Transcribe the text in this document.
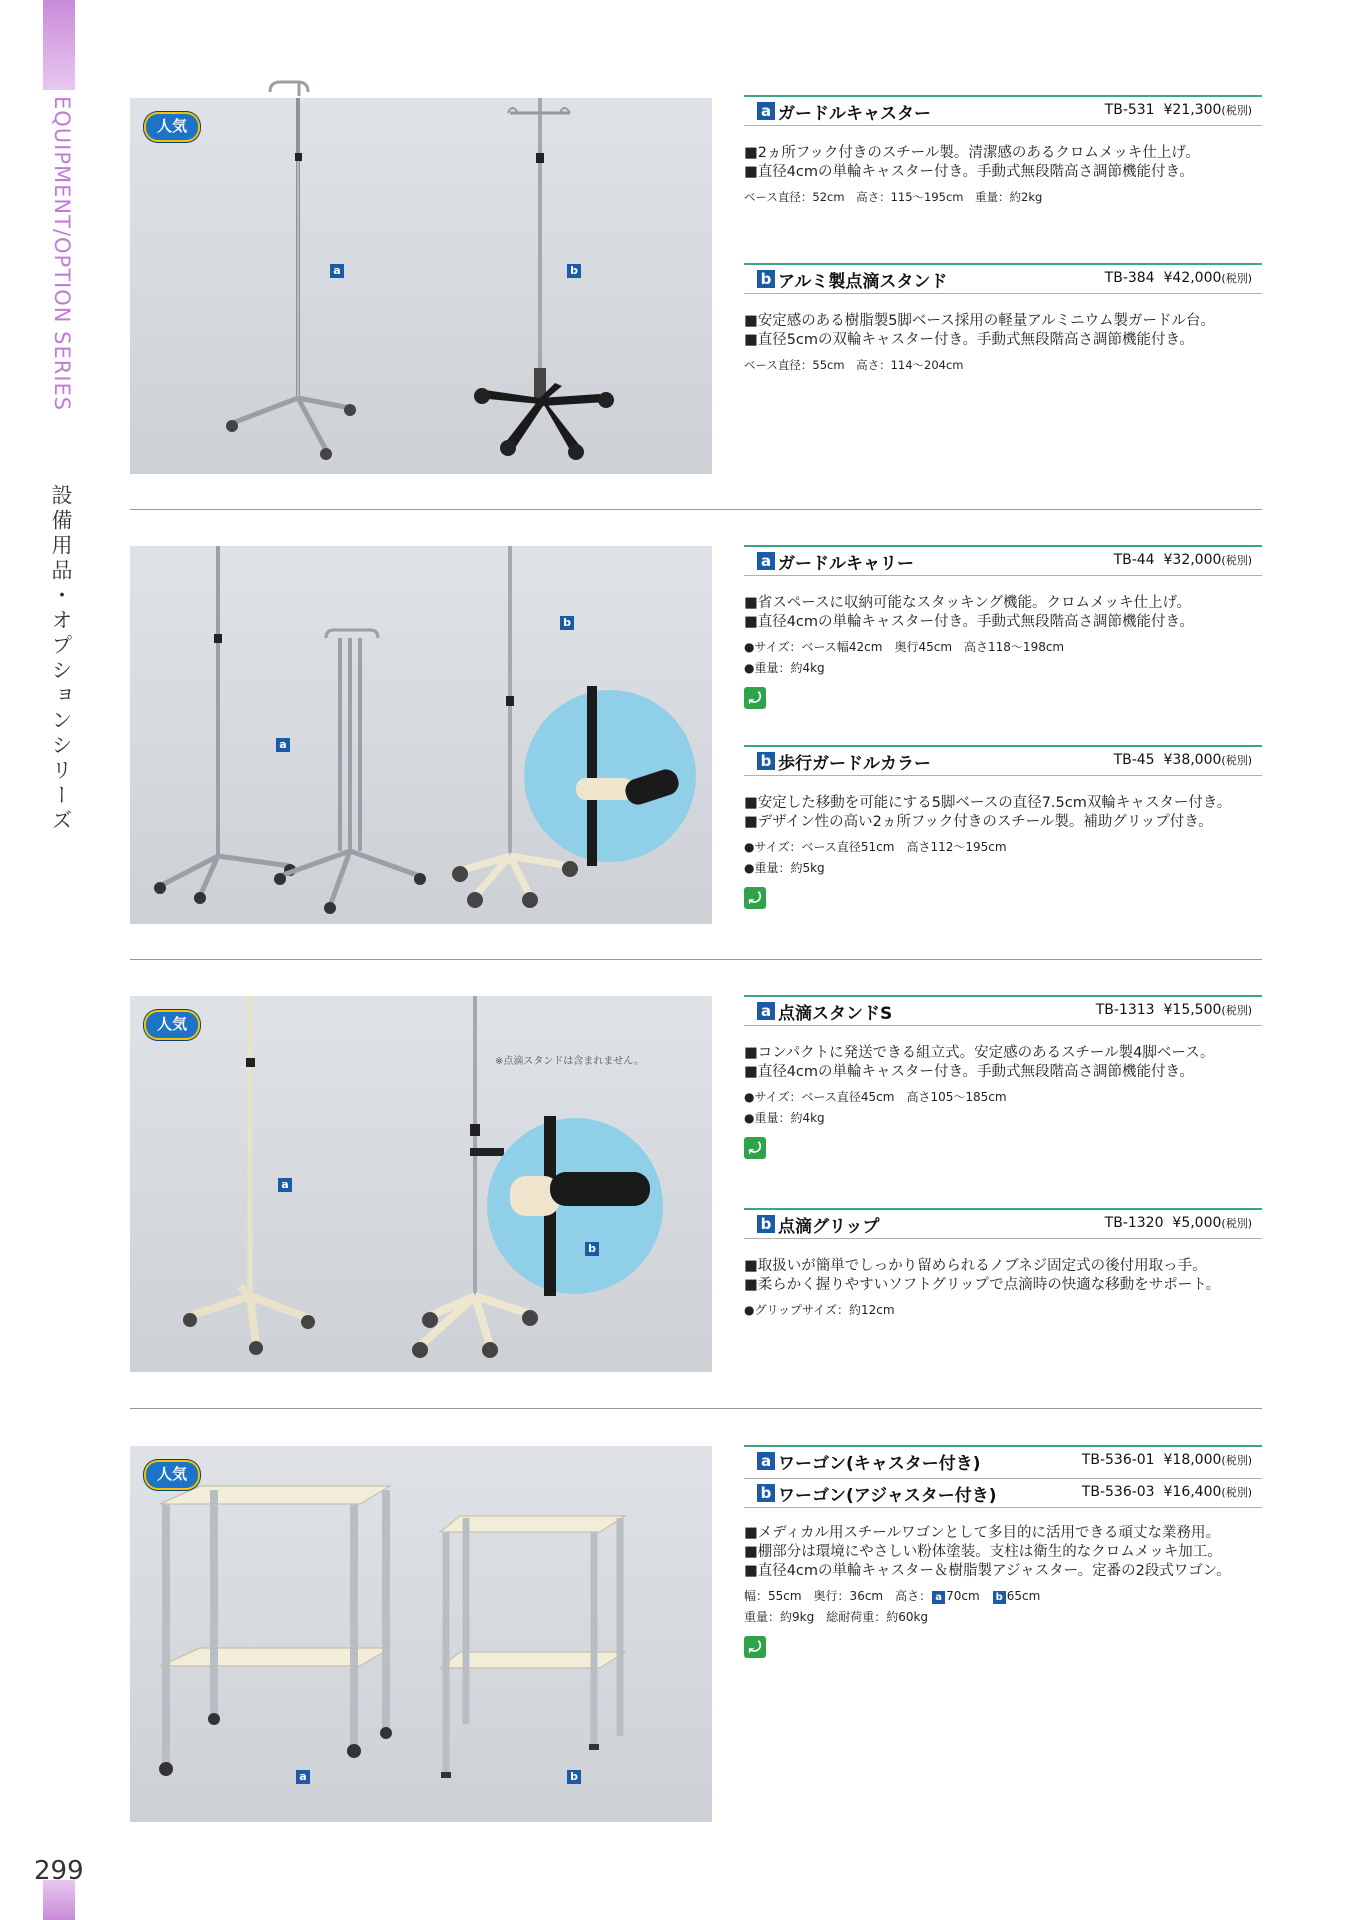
EQUIPMENT/OPTION SERIES
設備用品・オプションシリーズ
299
人気
a	b
a
b
人気
※点滴スタンドは含まれません。
a
b
人気
a	b
a ガードルキャスター	TB-531 ¥21,300(税別)
■2ヵ所フック付きのスチール製。清潔感のあるクロムメッキ仕上げ。
■直径4cmの単輪キャスター付き。手動式無段階高さ調節機能付き。
ベース直径：52cm　高さ：115〜195cm　重量：約2kg
b アルミ製点滴スタンド	TB-384 ¥42,000(税別)
■安定感のある樹脂製5脚ベース採用の軽量アルミニウム製ガードル台。
■直径5cmの双輪キャスター付き。手動式無段階高さ調節機能付き。
ベース直径：55cm　高さ：114〜204cm
a ガードルキャリー	TB-44 ¥32,000(税別)
■省スペースに収納可能なスタッキング機能。クロムメッキ仕上げ。
■直径4cmの単輪キャスター付き。手動式無段階高さ調節機能付き。
●サイズ：ベース幅42cm　奥行45cm　高さ118〜198cm
●重量：約4kg
⤾
b 歩行ガードルカラー	TB-45 ¥38,000(税別)
■安定した移動を可能にする5脚ベースの直径7.5cm双輪キャスター付き。
■デザイン性の高い2ヵ所フック付きのスチール製。補助グリップ付き。
●サイズ：ベース直径51cm　高さ112〜195cm
●重量：約5kg
⤾
a 点滴スタンドS	TB-1313 ¥15,500(税別)
■コンパクトに発送できる組立式。安定感のあるスチール製4脚ベース。
■直径4cmの単輪キャスター付き。手動式無段階高さ調節機能付き。
●サイズ：ベース直径45cm　高さ105〜185cm
●重量：約4kg
⤾
b 点滴グリップ	TB-1320 ¥5,000(税別)
■取扱いが簡単でしっかり留められるノブネジ固定式の後付用取っ手。
■柔らかく握りやすいソフトグリップで点滴時の快適な移動をサポート。
●グリップサイズ：約12cm
a ワーゴン(キャスター付き)	TB-536-01 ¥18,000(税別)
b ワーゴン(アジャスター付き)	TB-536-03 ¥16,400(税別)
■メディカル用スチールワゴンとして多目的に活用できる頑丈な業務用。
■棚部分は環境にやさしい粉体塗装。支柱は衛生的なクロムメッキ加工。
■直径4cmの単輪キャスター＆樹脂製アジャスター。定番の2段式ワゴン。
幅：55cm　奥行：36cm　高さ： a 70cm　 b 65cm
重量：約9kg　総耐荷重：約60kg
⤾
